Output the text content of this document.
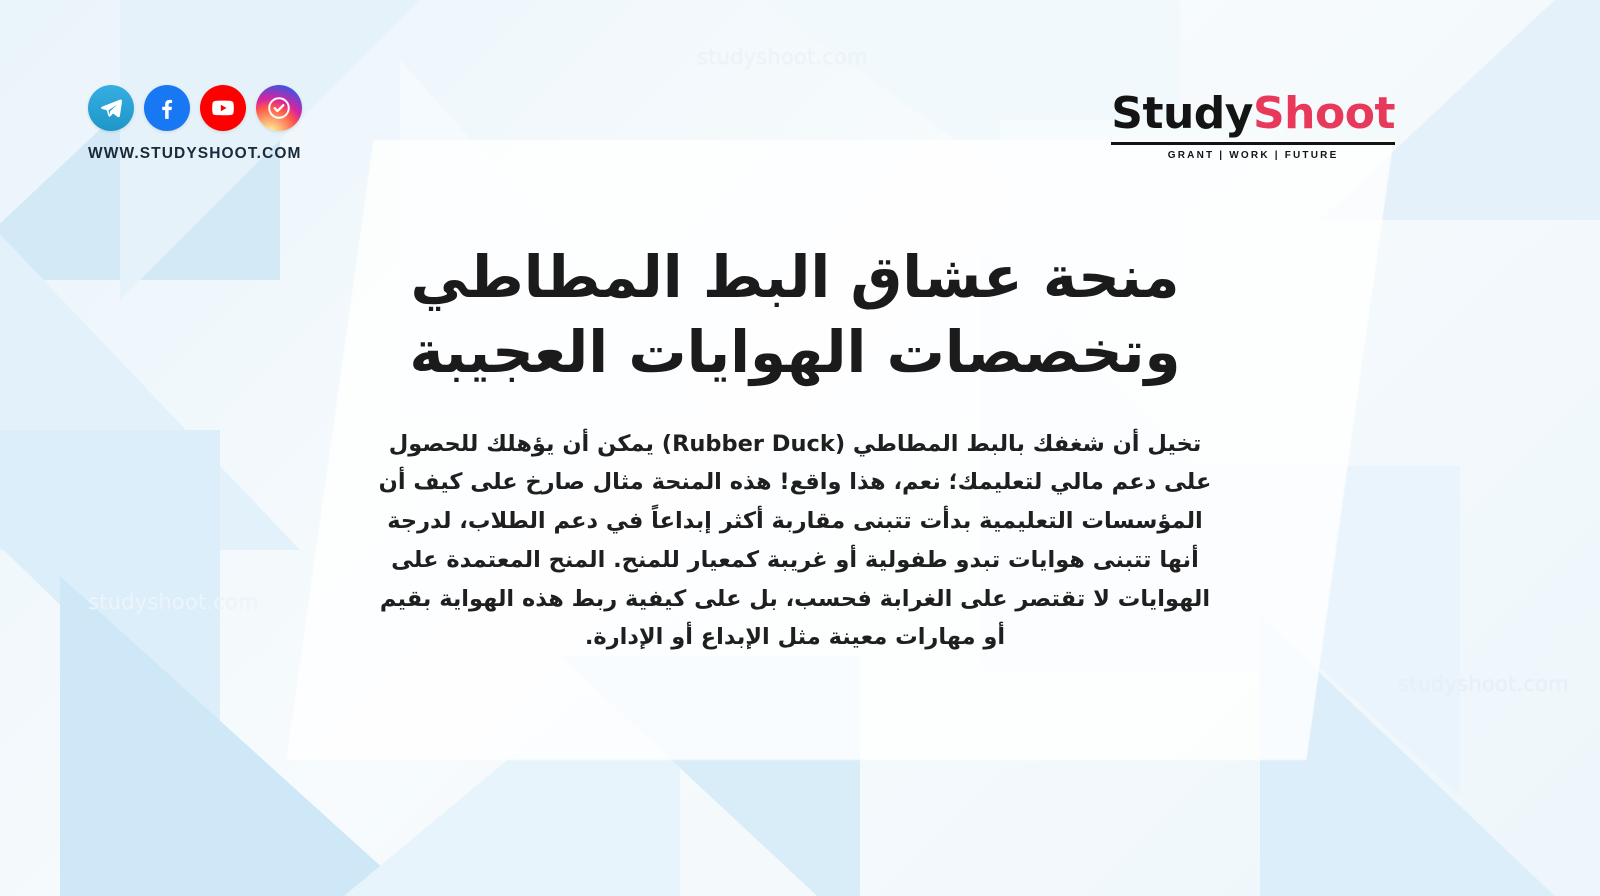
studyshoot.com
studyshoot.com
studyshoot.com
WWW.STUDYSHOOT.COM
StudyShoot
GRANT | WORK | FUTURE
منحة عشاق البط المطاطي وتخصصات الهوايات العجيبة

تخيل أن شغفك بالبط المطاطي (Rubber Duck) يمكن أن يؤهلك للحصول على دعم مالي لتعليمك؛ نعم، هذا واقع! هذه المنحة مثال صارخ على كيف أن المؤسسات التعليمية بدأت تتبنى مقاربة أكثر إبداعاً في دعم الطلاب، لدرجة أنها تتبنى هوايات تبدو طفولية أو غريبة كمعيار للمنح. المنح المعتمدة على الهوايات لا تقتصر على الغرابة فحسب، بل على كيفية ربط هذه الهواية بقيم أو مهارات معينة مثل الإبداع أو الإدارة.
